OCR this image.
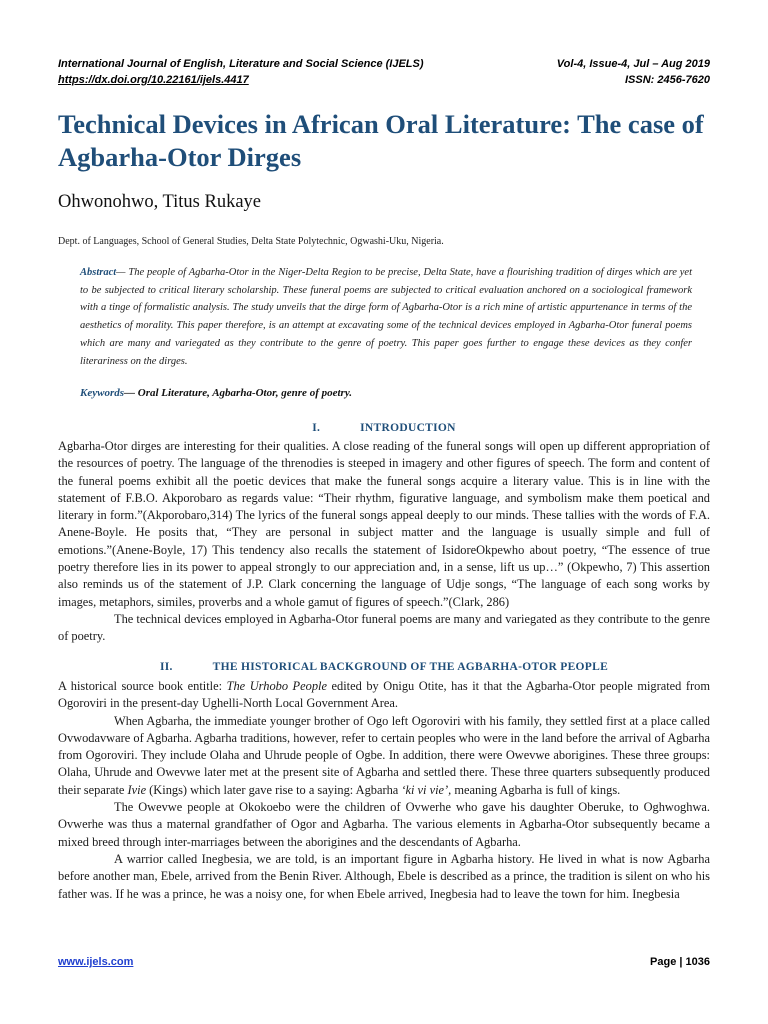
International Journal of English, Literature and Social Science (IJELS)	Vol-4, Issue-4, Jul – Aug 2019
https://dx.doi.org/10.22161/ijels.4417	ISSN: 2456-7620
Technical Devices in African Oral Literature: The case of Agbarha-Otor Dirges

Ohwonohwo, Titus Rukaye

Dept. of Languages, School of General Studies, Delta State Polytechnic, Ogwashi-Uku, Nigeria.

Abstract— The people of Agbarha-Otor in the Niger-Delta Region to be precise, Delta State, have a flourishing tradition of dirges which are yet to be subjected to critical literary scholarship. These funeral poems are subjected to critical evaluation anchored on a sociological framework with a tinge of formalistic analysis. The study unveils that the dirge form of Agbarha-Otor is a rich mine of artistic appurtenance in terms of the aesthetics of morality. This paper therefore, is an attempt at excavating some of the technical devices employed in Agbarha-Otor funeral poems which are many and variegated as they contribute to the genre of poetry. This paper goes further to engage these devices as they confer literariness on the dirges.

Keywords— Oral Literature, Agbarha-Otor, genre of poetry.

I.	INTRODUCTION

Agbarha-Otor dirges are interesting for their qualities. A close reading of the funeral songs will open up different appropriation of the resources of poetry. The language of the threnodies is steeped in imagery and other figures of speech. The form and content of the funeral poems exhibit all the poetic devices that make the funeral songs acquire a literary value. This is in line with the statement of F.B.O. Akporobaro as regards value: “Their rhythm, figurative language, and symbolism make them poetical and literary in form.”(Akporobaro,314) The lyrics of the funeral songs appeal deeply to our minds. These tallies with the words of F.A. Anene-Boyle. He posits that, “They are personal in subject matter and the language is usually simple and full of emotions.”(Anene-Boyle, 17) This tendency also recalls the statement of IsidoreOkpewho about poetry, “The essence of true poetry therefore lies in its power to appeal strongly to our appreciation and, in a sense, lift us up…” (Okpewho, 7) This assertion also reminds us of the statement of J.P. Clark concerning the language of Udje songs, “The language of each song works by images, metaphors, similes, proverbs and a whole gamut of figures of speech.”(Clark, 286)

The technical devices employed in Agbarha-Otor funeral poems are many and variegated as they contribute to the genre of poetry.

II.	THE HISTORICAL BACKGROUND OF THE AGBARHA-OTOR PEOPLE

A historical source book entitle: The Urhobo People edited by Onigu Otite, has it that the Agbarha-Otor people migrated from Ogoroviri in the present-day Ughelli-North Local Government Area.

When Agbarha, the immediate younger brother of Ogo left Ogoroviri with his family, they settled first at a place called Ovwodavware of Agbarha. Agbarha traditions, however, refer to certain peoples who were in the land before the arrival of Agbarha from Ogoroviri. They include Olaha and Uhrude people of Ogbe. In addition, there were Owevwe aborigines. These three groups: Olaha, Uhrude and Owevwe later met at the present site of Agbarha and settled there. These three quarters subsequently produced their separate Ivie (Kings) which later gave rise to a saying: Agbarha ‘ki vi vie’, meaning Agbarha is full of kings.

The Owevwe people at Okokoebo were the children of Ovwerhe who gave his daughter Oberuke, to Oghwoghwa. Ovwerhe was thus a maternal grandfather of Ogor and Agbarha. The various elements in Agbarha-Otor subsequently became a mixed breed through inter-marriages between the aborigines and the descendants of Agbarha.

A warrior called Inegbesia, we are told, is an important figure in Agbarha history. He lived in what is now Agbarha before another man, Ebele, arrived from the Benin River. Although, Ebele is described as a prince, the tradition is silent on who his father was. If he was a prince, he was a noisy one, for when Ebele arrived, Inegbesia had to leave the town for him. Inegbesia

www.ijels.com	Page | 1036
